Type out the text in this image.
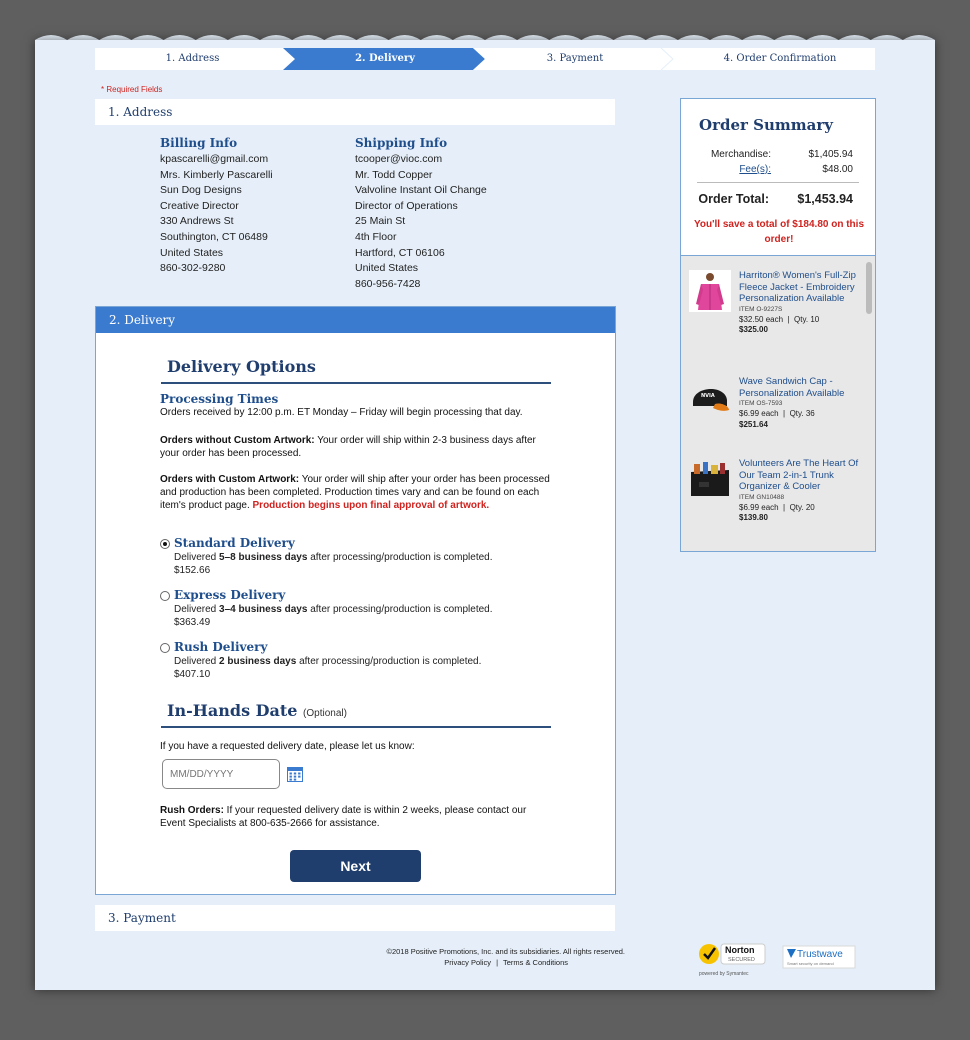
1. Address	2. Delivery	3. Payment	4. Order Confirmation
* Required Fields
1. Address
Billing Info
kpascarelli@gmail.com
Mrs. Kimberly Pascarelli
Sun Dog Designs
Creative Director
330 Andrews St
Southington, CT 06489
United States
860-302-9280
Shipping Info
tcooper@vioc.com
Mr. Todd Copper
Valvoline Instant Oil Change
Director of Operations
25 Main St
4th Floor
Hartford, CT 06106
United States
860-956-7428
2. Delivery
Delivery Options
Processing Times
Orders received by 12:00 p.m. ET Monday – Friday will begin processing that day.
Orders without Custom Artwork: Your order will ship within 2-3 business days after your order has been processed.
Orders with Custom Artwork: Your order will ship after your order has been processed and production has been completed. Production times vary and can be found on each item's product page. Production begins upon final approval of artwork.
Standard Delivery
Delivered 5–8 business days after processing/production is completed.
$152.66
Express Delivery
Delivered 3–4 business days after processing/production is completed.
$363.49
Rush Delivery
Delivered 2 business days after processing/production is completed.
$407.10
In-Hands Date (Optional)
If you have a requested delivery date, please let us know:
MM/DD/YYYY
Rush Orders: If your requested delivery date is within 2 weeks, please contact our Event Specialists at 800-635-2666 for assistance.
Next
3. Payment
©2018 Positive Promotions, Inc. and its subsidiaries. All rights reserved.
Privacy Policy | Terms & Conditions
Order Summary
Merchandise:	$1,405.94
Fee(s):	$48.00
Order Total: $1,453.94
You'll save a total of $184.80 on this order!
Harriton® Women's Full-Zip Fleece Jacket - Embroidery Personalization Available
ITEM O-9227S
$32.50 each  |  Qty. 10
$325.00
NVIA
Wave Sandwich Cap - Personalization Available
ITEM OS-7593
$6.99 each  |  Qty. 36
$251.64
Volunteers Are The Heart Of Our Team 2-in-1 Trunk Organizer & Cooler
ITEM GN10488
$6.99 each  |  Qty. 20
$139.80
Norton
SECURED
powered by Symantec
Trustwave
Smart security on demand
